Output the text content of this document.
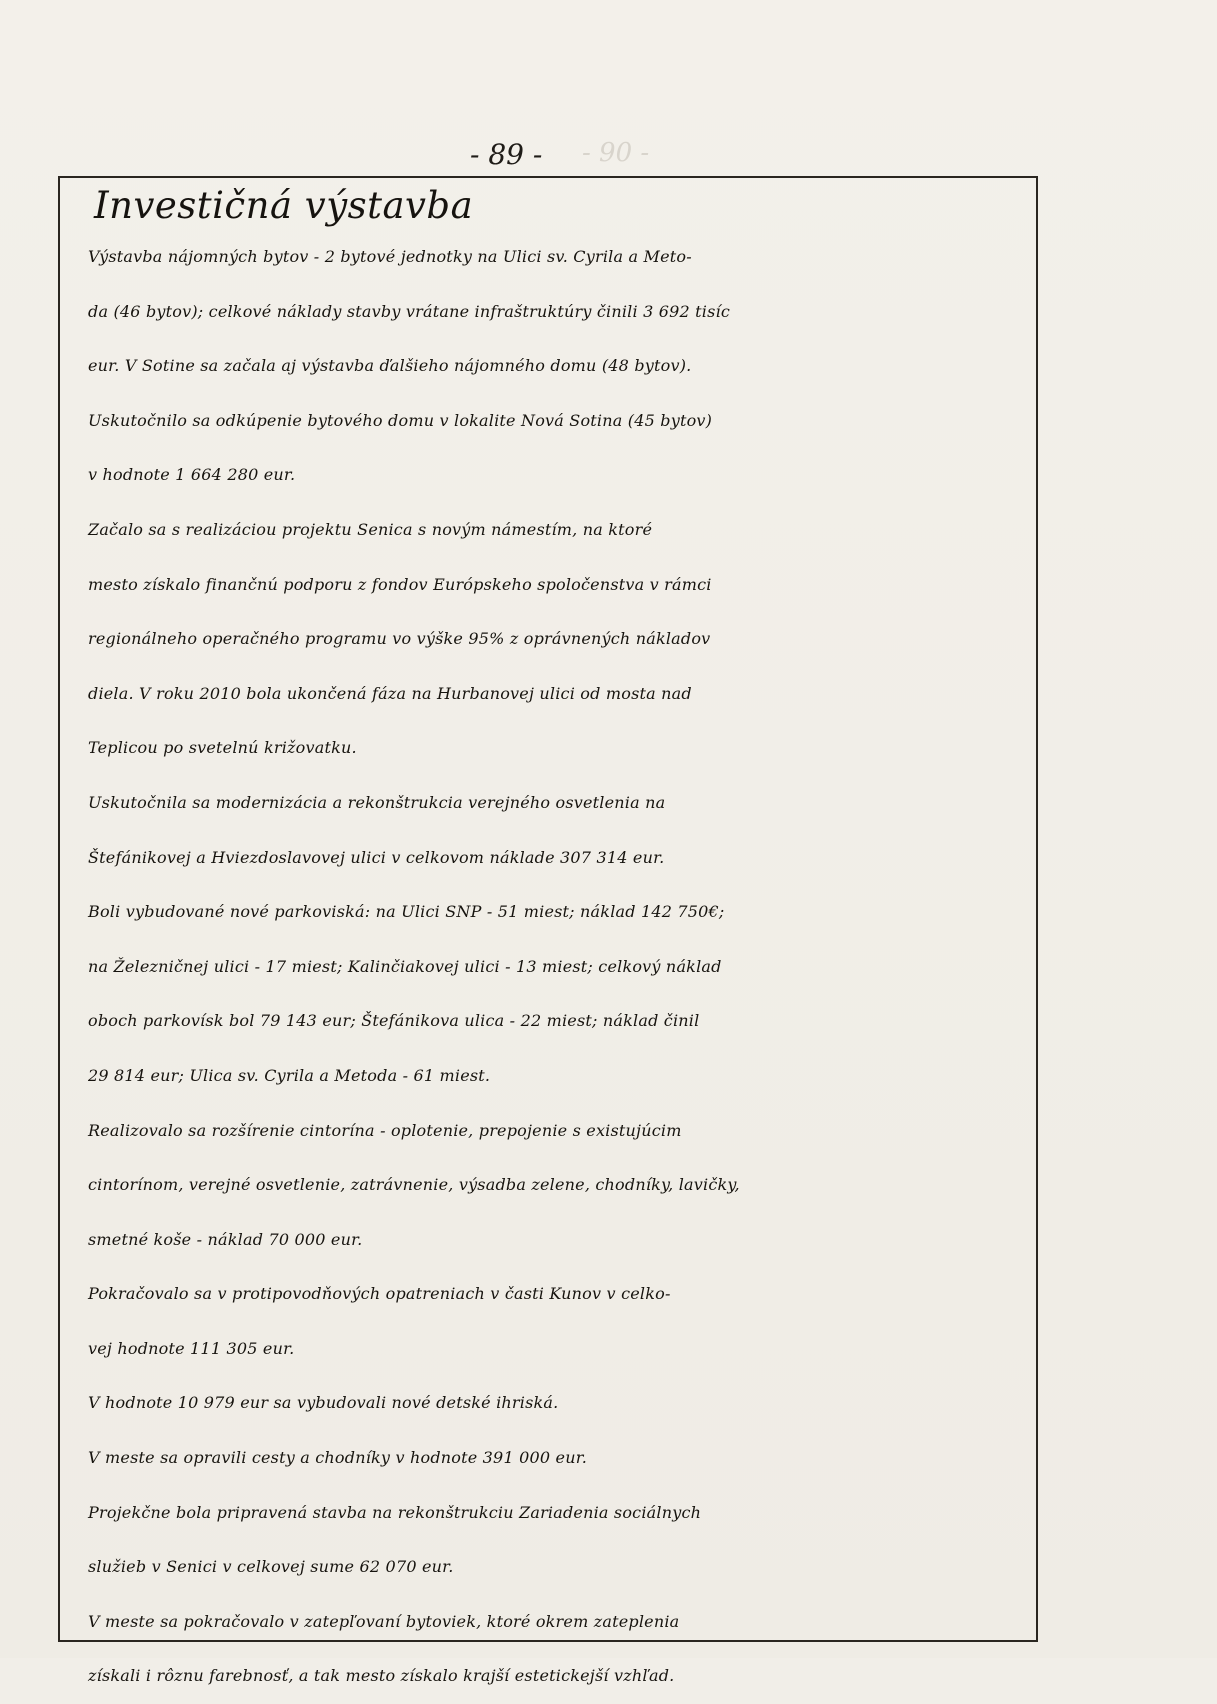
- 90 -
- 89 -
Investičná výstavba
Výstavba nájomných bytov - 2 bytové jednotky na Ulici sv. Cyrila a Meto-
da (46 bytov); celkové náklady stavby vrátane infraštruktúry činili 3 692 tisíc
eur. V Sotine sa začala aj výstavba ďalšieho nájomného domu (48 bytov).
Uskutočnilo sa odkúpenie bytového domu v lokalite Nová Sotina (45 bytov)
v hodnote 1 664 280 eur.
Začalo sa s realizáciou projektu Senica s novým námestím, na ktoré
mesto získalo finančnú podporu z fondov Európskeho spoločenstva v rámci
regionálneho operačného programu vo výške 95% z oprávnených nákladov
diela. V roku 2010 bola ukončená fáza na Hurbanovej ulici od mosta nad
Teplicou po svetelnú križovatku.
Uskutočnila sa modernizácia a rekonštrukcia verejného osvetlenia na
Štefánikovej a Hviezdoslavovej ulici v celkovom náklade 307 314 eur.
Boli vybudované nové parkoviská: na Ulici SNP - 51 miest; náklad 142 750€;
na Železničnej ulici - 17 miest; Kalinčiakovej ulici - 13 miest; celkový náklad
oboch parkovísk bol 79 143 eur; Štefánikova ulica - 22 miest; náklad činil
29 814 eur; Ulica sv. Cyrila a Metoda - 61 miest.
Realizovalo sa rozšírenie cintorína - oplotenie, prepojenie s existujúcim
cintorínom, verejné osvetlenie, zatrávnenie, výsadba zelene, chodníky, lavičky,
smetné koše - náklad 70 000 eur.
Pokračovalo sa v protipovodňových opatreniach v časti Kunov v celko-
vej hodnote 111 305 eur.
V hodnote 10 979 eur sa vybudovali nové detské ihriská.
V meste sa opravili cesty a chodníky v hodnote 391 000 eur.
Projekčne bola pripravená stavba na rekonštrukciu Zariadenia sociálnych
služieb v Senici v celkovej sume 62 070 eur.
V meste sa pokračovalo v zatepľovaní bytoviek, ktoré okrem zateplenia
získali i rôznu farebnosť, a tak mesto získalo krajší estetickejší vzhľad.
